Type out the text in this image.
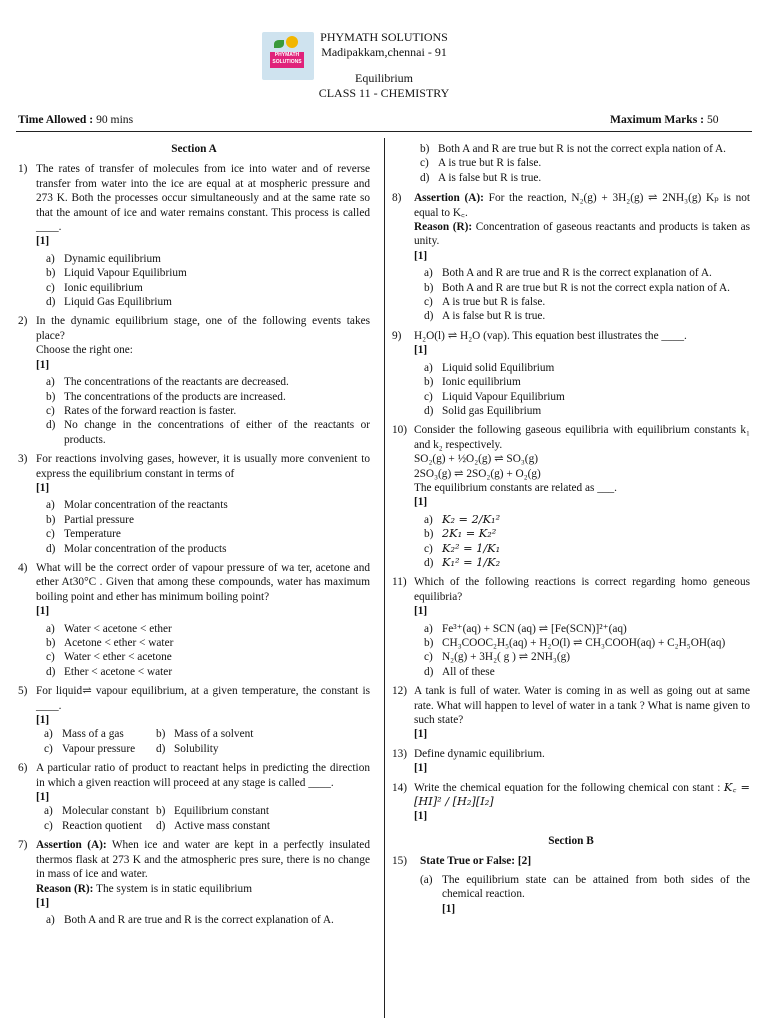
PHYMATH SOLUTIONS
PHYMATH SOLUTIONS
Madipakkam,chennai - 91
Equilibrium
CLASS 11 - CHEMISTRY
Time Allowed : 90 mins	Maximum Marks : 50
Section A
1) The rates of transfer of molecules from ice into water and of reverse transfer from water into the ice are equal at at mospheric pressure and 273 K. Both the processes occur simultaneously and at the same rate so that the amount of ice and water remains constant. This process is called ____.
[1]
a) Dynamic equilibrium
b) Liquid Vapour Equilibrium
c) Ionic equilibrium
d) Liquid Gas Equilibrium
2) In the dynamic equilibrium stage, one of the following events takes place?
Choose the right one:
[1]
a) The concentrations of the reactants are decreased.
b) The concentrations of the products are increased.
c) Rates of the forward reaction is faster.
d) No change in the concentrations of either of the reactants or products.
3) For reactions involving gases, however, it is usually more convenient to express the equilibrium constant in terms of
[1]
a) Molar concentration of the reactants
b) Partial pressure
c) Temperature
d) Molar concentration of the products
4) What will be the correct order of vapour pressure of wa ter, acetone and ether At30°C . Given that among these compounds, water has maximum boiling point and ether has minimum boiling point?
[1]
a) Water < acetone < ether
b) Acetone < ether < water
c) Water < ether < acetone
d) Ether < acetone < water
5) For liquid⇌ vapour equilibrium, at a given temperature, the constant is ____.
[1]
a) Mass of a gas	b) Mass of a solvent
c) Vapour pressure	d) Solubility
6) A particular ratio of product to reactant helps in predicting the direction in which a given reaction will proceed at any stage is called ____.
[1]
a) Molecular constant b) Equilibrium constant
c) Reaction quotient	d) Active mass constant
7) Assertion (A): When ice and water are kept in a perfectly insulated thermos flask at 273 K and the atmospheric pres sure, there is no change in mass of ice and water.
Reason (R): The system is in static equilibrium
[1]
a) Both A and R are true and R is the correct explanation of A.
b) Both A and R are true but R is not the correct expla nation of A.
c) A is true but R is false.
d) A is false but R is true.
8) Assertion (A): For the reaction, N₂(g) + 3H₂(g) ⇌ 2NH₃(g) Kₚ is not equal to K꜀.
Reason (R): Concentration of gaseous reactants and products is taken as unity.
[1]
a) Both A and R are true and R is the correct explanation of A.
b) Both A and R are true but R is not the correct expla nation of A.
c) A is true but R is false.
d) A is false but R is true.
9) H₂O(l) ⇌ H₂O (vap). This equation best illustrates the ____.
[1]
a) Liquid solid Equilibrium
b) Ionic equilibrium
c) Liquid Vapour Equilibrium
d) Solid gas Equilibrium
10) Consider the following gaseous equilibria with equilibrium constants k₁ and k₂ respectively.
SO₂(g) + ½O₂(g) ⇌ SO₃(g)
2SO₃(g) ⇌ 2SO₂(g) + O₂(g)
The equilibrium constants are related as ___.
[1]
a) K₂ = 2/K₁²
b) 2K₁ = K₂²
c) K₂² = 1/K₁
d) K₁² = 1/K₂
11) Which of the following reactions is correct regarding homo geneous equilibria?
[1]
a) Fe³⁺(aq) + SCN (aq) ⇌ [Fe(SCN)]²⁺(aq)
b) CH₃COOC₂H₅(aq) + H₂O(l) ⇌ CH₃COOH(aq) + C₂H₅OH(aq)
c) N₂(g) + 3H₂( g ) ⇌ 2NH₃(g)
d) All of these
12) A tank is full of water. Water is coming in as well as going out at same rate. What will happen to level of water in a tank ? What is name given to such state?
[1]
13) Define dynamic equilibrium.
[1]
14) Write the chemical equation for the following chemical con stant : K꜀ = [HI]² / [H₂][I₂]
[1]
Section B
15) State True or False: [2]
(a) The equilibrium state can be attained from both sides of the chemical reaction.
[1]
